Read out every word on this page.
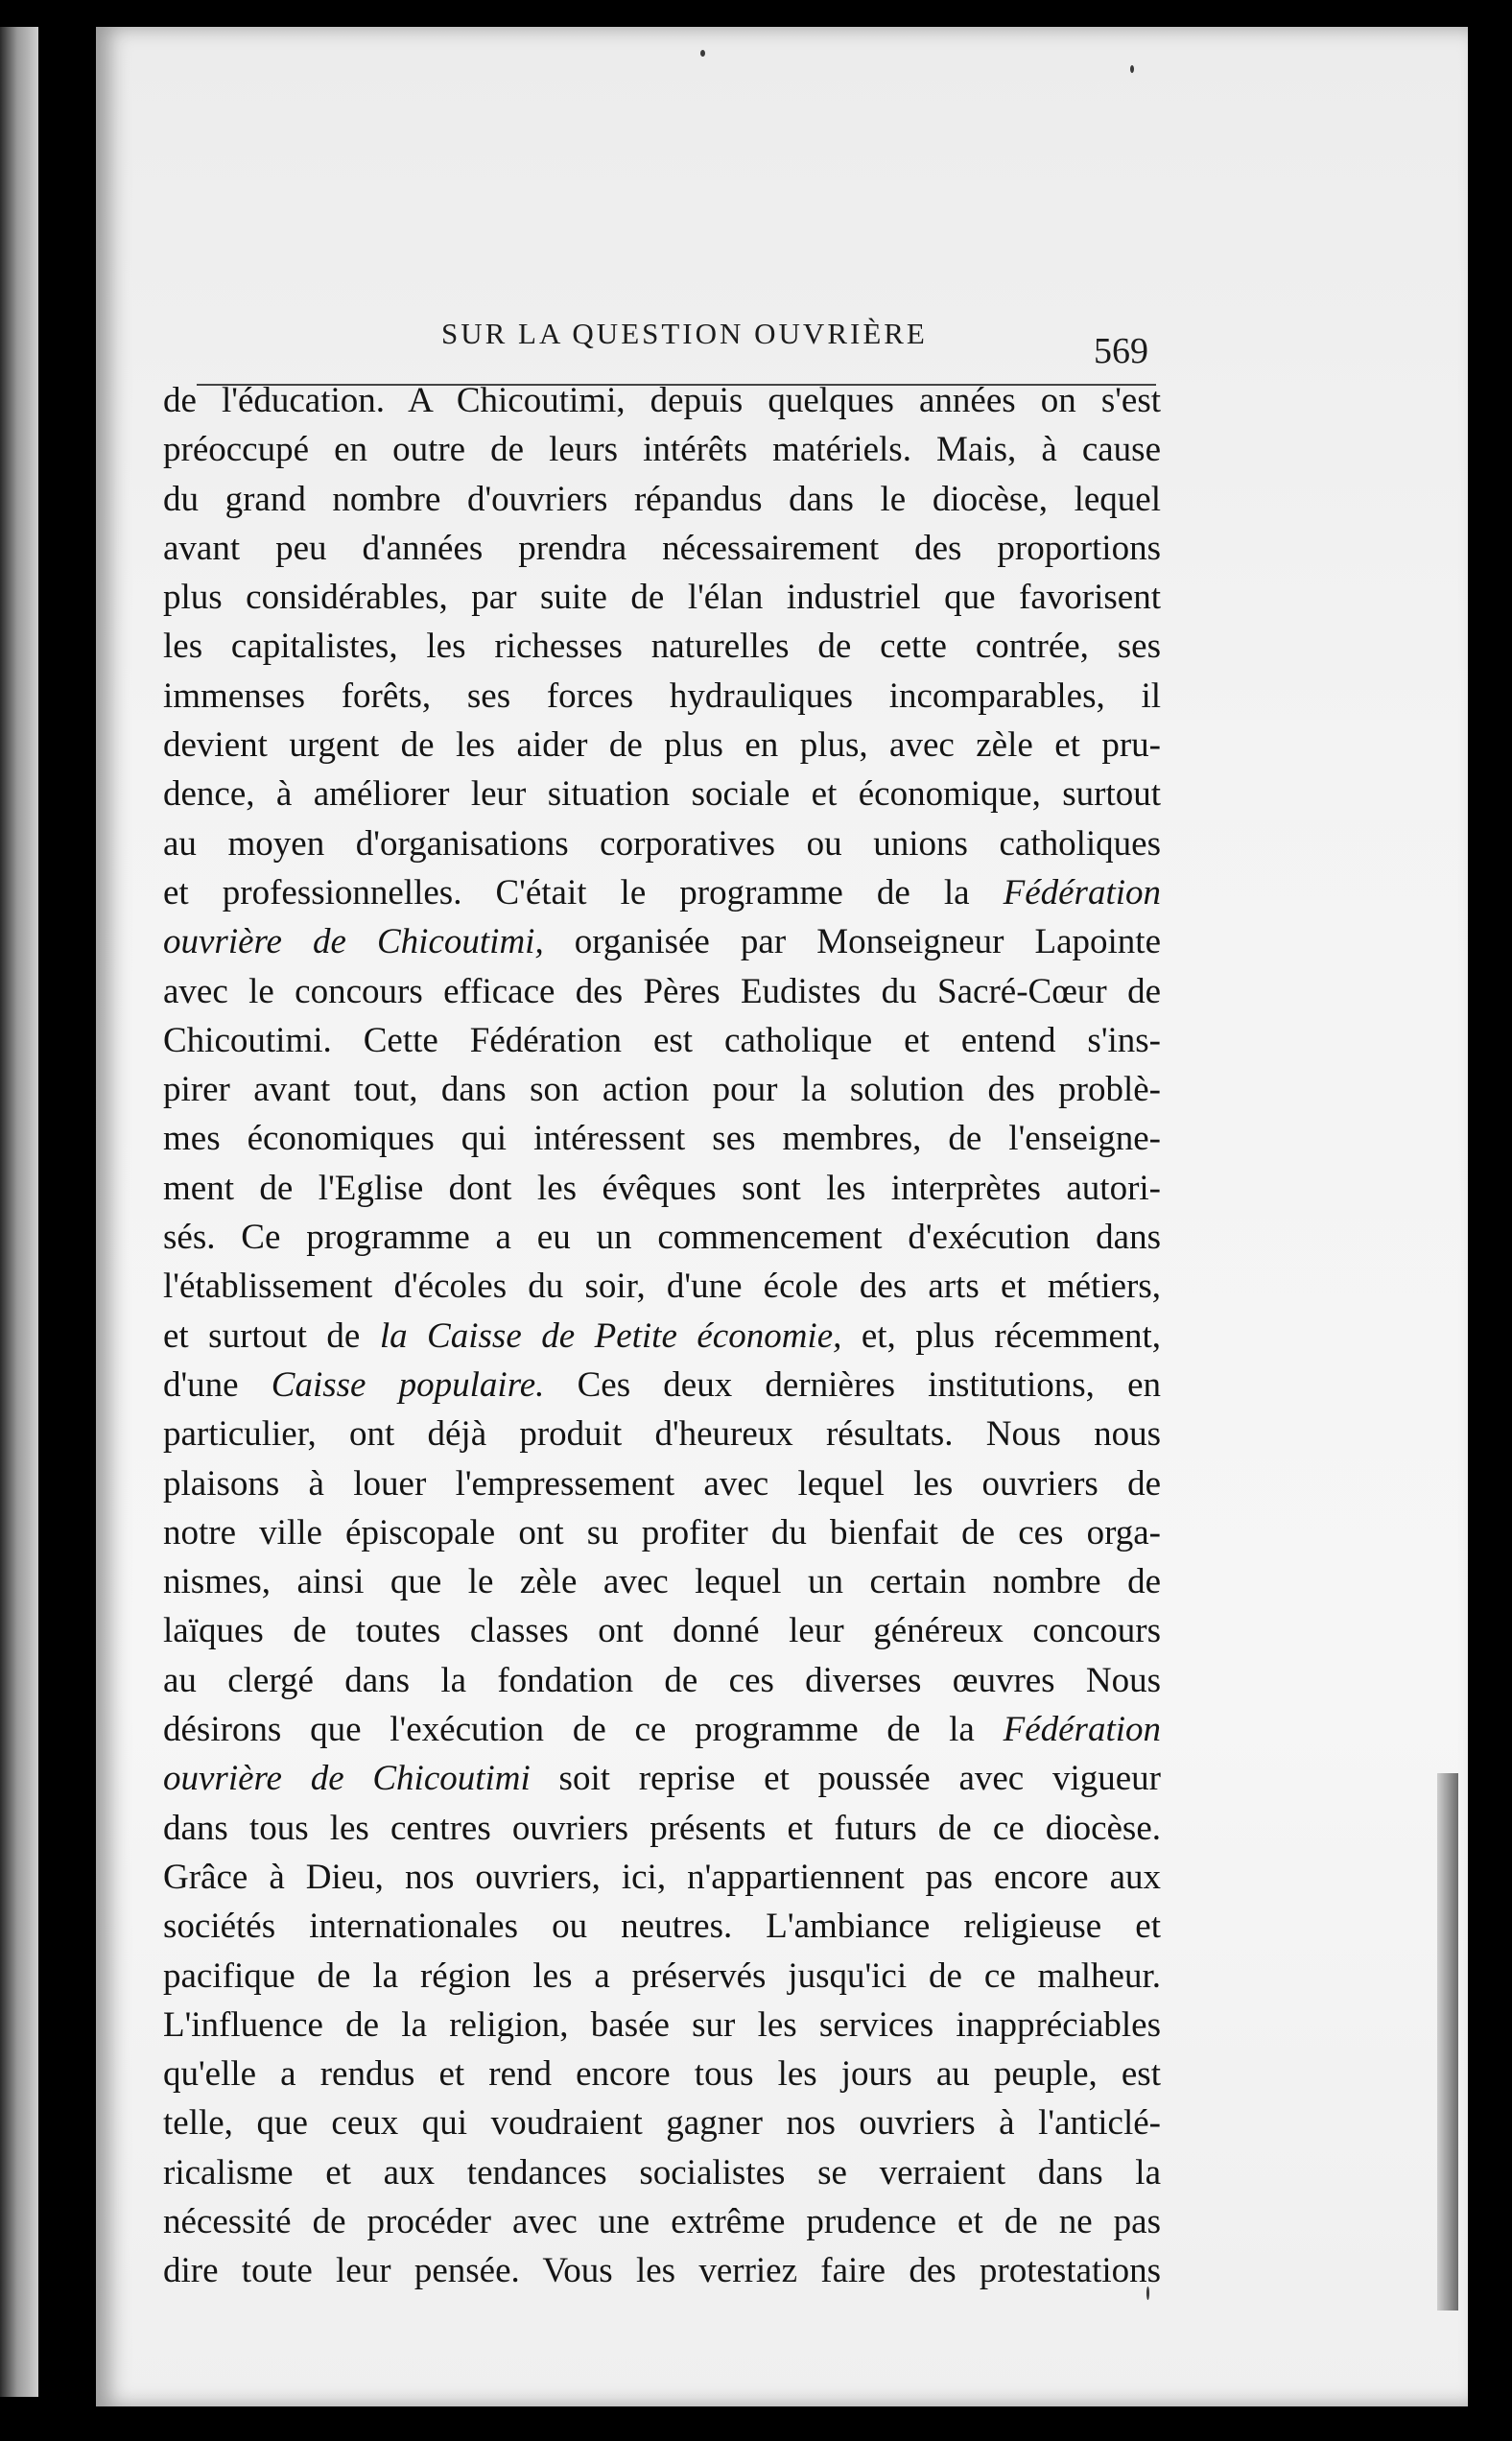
SUR LA QUESTION OUVRIÈRE	569
de l'éducation. A Chicoutimi, depuis quelques années on s'est
préoccupé en outre de leurs intérêts matériels. Mais, à cause
du grand nombre d'ouvriers répandus dans le diocèse, lequel
avant peu d'années prendra nécessairement des proportions
plus considérables, par suite de l'élan industriel que favorisent
les capitalistes, les richesses naturelles de cette contrée, ses
immenses forêts, ses forces hydrauliques incomparables, il
devient urgent de les aider de plus en plus, avec zèle et pru-
dence, à améliorer leur situation sociale et économique, surtout
au moyen d'organisations corporatives ou unions catholiques
et professionnelles. C'était le programme de la Fédération
ouvrière de Chicoutimi, organisée par Monseigneur Lapointe
avec le concours efficace des Pères Eudistes du Sacré-Cœur de
Chicoutimi. Cette Fédération est catholique et entend s'ins-
pirer avant tout, dans son action pour la solution des problè-
mes économiques qui intéressent ses membres, de l'enseigne-
ment de l'Eglise dont les évêques sont les interprètes autori-
sés. Ce programme a eu un commencement d'exécution dans
l'établissement d'écoles du soir, d'une école des arts et métiers,
et surtout de la Caisse de Petite économie, et, plus récemment,
d'une Caisse populaire. Ces deux dernières institutions, en
particulier, ont déjà produit d'heureux résultats. Nous nous
plaisons à louer l'empressement avec lequel les ouvriers de
notre ville épiscopale ont su profiter du bienfait de ces orga-
nismes, ainsi que le zèle avec lequel un certain nombre de
laïques de toutes classes ont donné leur généreux concours
au clergé dans la fondation de ces diverses œuvres Nous
désirons que l'exécution de ce programme de la Fédération
ouvrière de Chicoutimi soit reprise et poussée avec vigueur
dans tous les centres ouvriers présents et futurs de ce diocèse.
Grâce à Dieu, nos ouvriers, ici, n'appartiennent pas encore aux
sociétés internationales ou neutres. L'ambiance religieuse et
pacifique de la région les a préservés jusqu'ici de ce malheur.
L'influence de la religion, basée sur les services inappréciables
qu'elle a rendus et rend encore tous les jours au peuple, est
telle, que ceux qui voudraient gagner nos ouvriers à l'anticlé-
ricalisme et aux tendances socialistes se verraient dans la
nécessité de procéder avec une extrême prudence et de ne pas
dire toute leur pensée. Vous les verriez faire des protestations
